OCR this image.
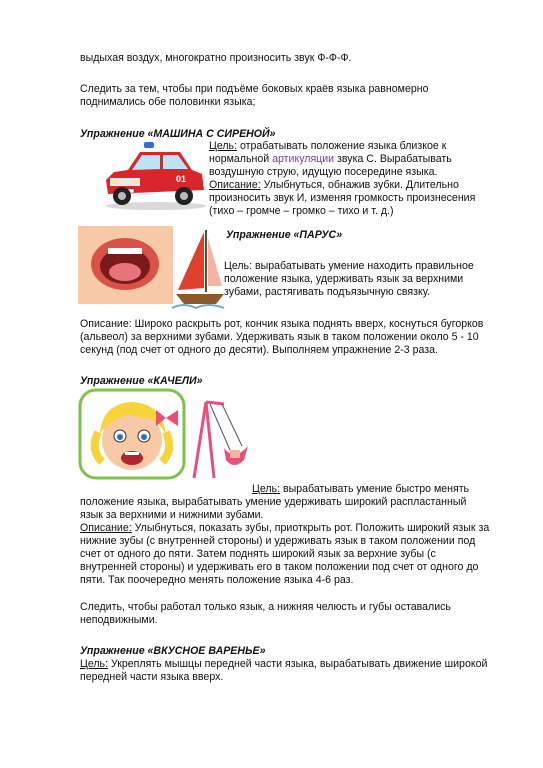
выдыхая воздух, многократно произносить звук Ф-Ф-Ф.
Следить за тем, чтобы при подъёме боковых краёв языка равномерно
поднимались обе половинки языка;
Упражнение «МАШИНА С СИРЕНОЙ»
01
Цель: отрабатывать положение языка близкое к
нормальной артикуляции звука С. Вырабатывать
воздушную струю, идущую посередине языка.
Описание: Улыбнуться, обнажив зубки. Длительно
произносить звук И, изменяя громкость произнесения
(тихо – громче – громко – тихо и т. д.)
Упражнение «ПАРУС»
Цель: вырабатывать умение находить правильное
положение языка, удерживать язык за верхними
зубами, растягивать подъязычную связку.
Описание: Широко раскрыть рот, кончик языка поднять вверх, коснуться бугорков
(альвеол) за верхними зубами. Удерживать язык в таком положении около 5 - 10
секунд (под счет от одного до десяти). Выполняем упражнение 2-3 раза.
Упражнение «КАЧЕЛИ»
Цель: вырабатывать умение быстро менять
положение языка, вырабатывать умение удерживать широкий распластанный
язык за верхними и нижними зубами.
Описание: Улыбнуться, показать зубы, приоткрыть рот. Положить широкий язык за
нижние зубы (с внутренней стороны) и удерживать язык в таком положении под
счет от одного до пяти. Затем поднять широкий язык за верхние зубы (с
внутренней стороны) и удерживать его в таком положении под счет от одного до
пяти. Так поочередно менять положение языка 4-6 раз.
Следить, чтобы работал только язык, а нижняя челюсть и губы оставались
неподвижными.
Упражнение «ВКУСНОЕ ВАРЕНЬЕ»
Цель: Укреплять мышцы передней части языка, вырабатывать движение широкой
передней части языка вверх.
